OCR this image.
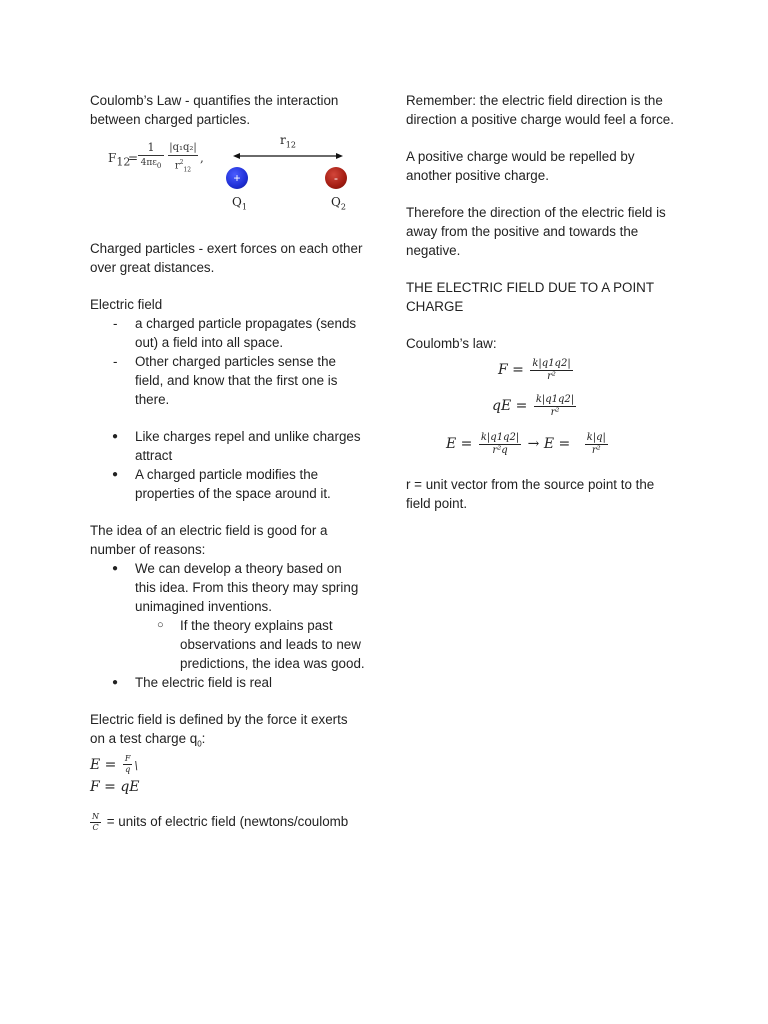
Coulomb’s Law - quantifies the interaction between charged particles.

$F_{12}$
=
1
$4\pi\varepsilon_0$
|q₁q₂|
$r^2_{12}$
,
$r_{12}$
+	-
$Q_1$	$Q_2$

Charged particles - exert forces on each other over great distances.

Electric field

- a charged particle propagates (sends out) a field into all space.
- Other charged particles sense the field, and know that the first one is there.
● Like charges repel and unlike charges attract
● A charged particle modifies the properties of the space around it.

The idea of an electric field is good for a number of reasons:

● We can develop a theory based on this idea. From this theory may spring unimagined inventions.
○ If the theory explains past observations and leads to new predictions, the idea was good.
● The electric field is real

Electric field is defined by the force it exerts on a test charge $q_0$:

$E = \frac{F}{q}$ \
F = qE

$\frac{N}{C}$ = units of electric field (newtons/coulomb

Remember: the electric field direction is the direction a positive charge would feel a force.

A positive charge would be repelled by another positive charge.

Therefore the direction of the electric field is away from the positive and towards the negative.

THE ELECTRIC FIELD DUE TO A POINT CHARGE

Coulomb’s law:

$F = \frac{k|q1q2|}{\text{r²}}$
qE = $\frac{k|q1q2|}{\text{r²}}$
$E = \frac{k|q1q2|}{\text{r²q}} \to E = \frac{k|q|}{\text{r²}}$

r = unit vector from the source point to the field point.
